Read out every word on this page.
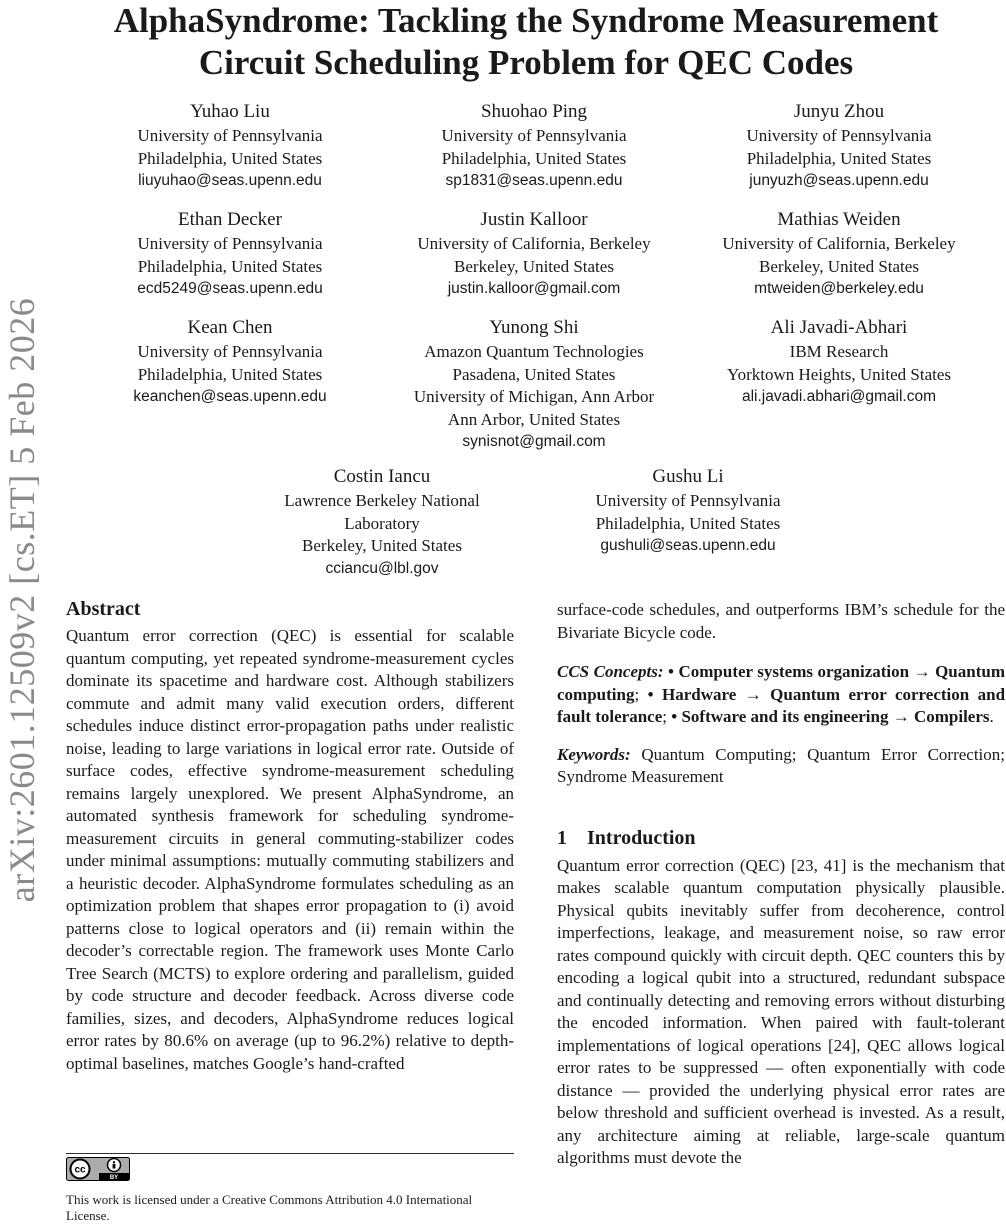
arXiv:2601.12509v2 [cs.ET] 5 Feb 2026
AlphaSyndrome: Tackling the Syndrome Measurement
Circuit Scheduling Problem for QEC Codes
Yuhao Liu
University of Pennsylvania
Philadelphia, United States
liuyuhao@seas.upenn.edu
Shuohao Ping
University of Pennsylvania
Philadelphia, United States
sp1831@seas.upenn.edu
Junyu Zhou
University of Pennsylvania
Philadelphia, United States
junyuzh@seas.upenn.edu
Ethan Decker
University of Pennsylvania
Philadelphia, United States
ecd5249@seas.upenn.edu
Justin Kalloor
University of California, Berkeley
Berkeley, United States
justin.kalloor@gmail.com
Mathias Weiden
University of California, Berkeley
Berkeley, United States
mtweiden@berkeley.edu
Kean Chen
University of Pennsylvania
Philadelphia, United States
keanchen@seas.upenn.edu
Yunong Shi
Amazon Quantum Technologies
Pasadena, United States
University of Michigan, Ann Arbor
Ann Arbor, United States
synisnot@gmail.com
Ali Javadi-Abhari
IBM Research
Yorktown Heights, United States
ali.javadi.abhari@gmail.com
Costin Iancu
Lawrence Berkeley National
Laboratory
Berkeley, United States
cciancu@lbl.gov
Gushu Li
University of Pennsylvania
Philadelphia, United States
gushuli@seas.upenn.edu
Abstract
Quantum error correction (QEC) is essential for scalable quantum computing, yet repeated syndrome-measurement cycles dominate its spacetime and hardware cost. Although stabilizers commute and admit many valid execution orders, different schedules induce distinct error-propagation paths under realistic noise, leading to large variations in logical error rate. Outside of surface codes, effective syndrome-measurement scheduling remains largely unexplored. We present AlphaSyndrome, an automated synthesis framework for scheduling syndrome-measurement circuits in general commuting-stabilizer codes under minimal assumptions: mutually commuting stabilizers and a heuristic decoder. AlphaSyndrome formulates scheduling as an optimization problem that shapes error propagation to (i) avoid patterns close to logical operators and (ii) remain within the decoder’s correctable region. The framework uses Monte Carlo Tree Search (MCTS) to explore ordering and parallelism, guided by code structure and decoder feedback. Across diverse code families, sizes, and decoders, AlphaSyndrome reduces logical error rates by 80.6% on average (up to 96.2%) relative to depth-optimal baselines, matches Google’s hand-crafted
surface-code schedules, and outperforms IBM’s schedule for the Bivariate Bicycle code.
CCS Concepts: • Computer systems organization → Quantum computing; • Hardware → Quantum error correction and fault tolerance; • Software and its engineering → Compilers.
Keywords: Quantum Computing; Quantum Error Correction; Syndrome Measurement
1 Introduction
Quantum error correction (QEC) [23, 41] is the mechanism that makes scalable quantum computation physically plausible. Physical qubits inevitably suffer from decoherence, control imperfections, leakage, and measurement noise, so raw error rates compound quickly with circuit depth. QEC counters this by encoding a logical qubit into a structured, redundant subspace and continually detecting and removing errors without disturbing the encoded information. When paired with fault-tolerant implementations of logical operations [24], QEC allows logical error rates to be suppressed — often exponentially with code distance — provided the underlying physical error rates are below threshold and sufficient overhead is invested. As a result, any architecture aiming at reliable, large-scale quantum algorithms must devote the
cc
BY
This work is licensed under a Creative Commons Attribution 4.0 International License.
